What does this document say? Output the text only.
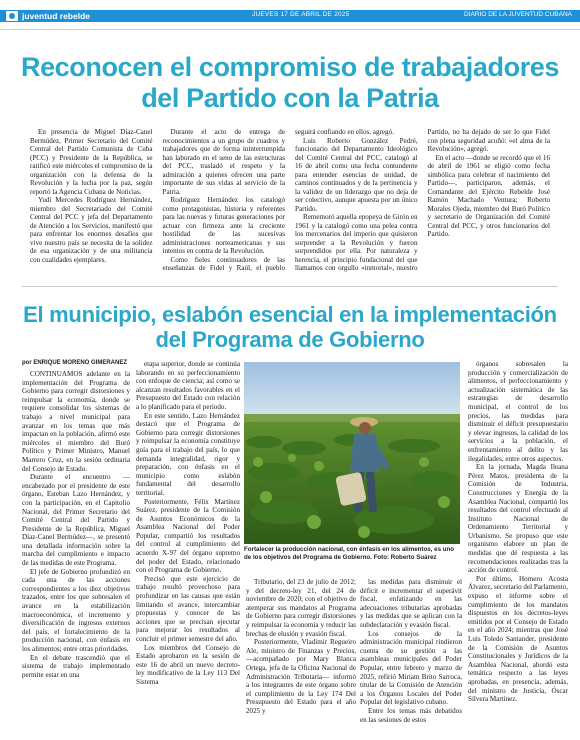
juventud rebelde	JUEVES 17 DE ABRIL DE 2025	DIARIO DE LA JUVENTUD CUBANA
Reconocen el compromiso de trabajadores del Partido con la Patria

En presencia de Miguel Díaz-Canel Bermúdez, Primer Secretario del Comité Central del Partido Comunista de Cuba (PCC) y Presidente de la República, se ratificó este miércoles el compromiso de la organización con la defensa de la Revolución y la lucha por la paz, según reportó la Agencia Cubana de Noticias.

Yudí Mercedes Rodríguez Hernández, miembro del Secretariado del Comité Central del PCC y jefa del Departamento de Atención a los Servicios, manifestó que para enfrentar los enormes desafíos que vive nuestro país se necesita de la solidez de esa organización y de una militancia con cualidades ejemplares.

Durante el acto de entrega de reconocimientos a un grupo de cuadros y trabajadores que de forma ininterrumpida han laborado en el seno de las estructuras del PCC, trasladó el respeto y la admiración a quienes ofrecen una parte importante de sus vidas al servicio de la Patria.

Rodríguez Hernández los catalogó como protagonistas, historia y referentes para las nuevas y futuras generaciones por actuar con firmeza ante la creciente hostilidad de las sucesivas administraciones norteamericanas y sus intentos en contra de la Revolución.

Como fieles continuadores de las enseñanzas de Fidel y Raúl, el pueblo seguirá confiando en ellos, agregó.

Luis Roberto González Pedré, funcionario del Departamento Ideológico del Comité Central del PCC, catalogó al 16 de abril como una fecha contundente para entender esencias de unidad, de caminos continuados y de la pertinencia y la validez de un liderazgo que no deja de ser colectivo, aunque apuesta por un único Partido.

Rememoró aquella epopeya de Girón en 1961 y la catalogó como una pelea contra los mercenarios del imperio que quisieron sorprender a la Revolución y fueron sorprendidos por ella. Por naturaleza y herencia, el principio fundacional del que llamamos con orgullo «inmortal», nuestro Partido, no ha dejado de ser lo que Fidel con plena seguridad acuñó: «el alma de la Revolución», agregó.

En el acto —donde se recordó que el 16 de abril de 1961 se eligió como fecha simbólica para celebrar el nacimiento del Partido—, participaron, además, el Comandante del Ejército Rebelde José Ramón Machado Ventura; Roberto Morales Ojeda, miembro del Buró Político y secretario de Organización del Comité Central del PCC, y otros funcionarios del Partido.

El municipio, eslabón esencial en la implementación del Programa de Gobierno
por ENRIQUE MORENO GIMERANEZ

CONTINUAMOS adelante en la implementación del Programa de Gobierno para corregir distorsiones y reimpulsar la economía, donde se requiere consolidar los sistemas de trabajo a nivel municipal para avanzar en los temas que más impactan en la población, afirmó este miércoles el miembro del Buró Político y Primer Ministro, Manuel Marrero Cruz, en la sesión ordinaria del Consejo de Estado.

Durante el encuentro —encabezado por el presidente de este órgano, Esteban Lazo Hernández, y con la participación, en el Capitolio Nacional, del Primer Secretario del Comité Central del Partido y Presidente de la República, Miguel Díaz-Canel Bermúdez—, se presentó una detallada información sobre la marcha del cumplimiento e impacto de las medidas de este Programa.

El jefe de Gobierno profundizó en cada una de las acciones correspondientes a los diez objetivos trazados, entre los que sobresalen el avance en la estabilización macroeconómica, el incremento y diversificación de ingresos externos del país, el fortalecimiento de la producción nacional, con énfasis en los alimentos; entre otras prioridades.

En el debate trascendió que el sistema de trabajo implementado permite estar en una

etapa superior, donde se continúa laborando en su perfeccionamiento con enfoque de ciencia; así como se alcanzan resultados favorables en el Presupuesto del Estado con relación a lo planificado para el período.

En este sentido, Lazo Hernández destacó que el Programa de Gobierno para corregir distorsiones y reimpulsar la economía constituye guía para el trabajo del país, lo que demanda integralidad, rigor y preparación, con énfasis en el municipio como eslabón fundamental del desarrollo territorial.

Posteriormente, Félix Martínez Suárez, presidente de la Comisión de Asuntos Económicos de la Asamblea Nacional del Poder Popular, compartió los resultados del control al cumplimiento del acuerdo X-97 del órgano supremo del poder del Estado, relacionado con el Programa de Gobierno.

Precisó que este ejercicio de trabajo resultó provechoso para profundizar en las causas que están limitando el avance, intercambiar propuestas y conocer de las acciones que se precisan ejecutar para mejorar los resultados al concluir el primer semestre del año.

Los miembros del Consejo de Estado aprobaron en la sesión de este 16 de abril un nuevo decreto-ley modificativo de la Ley 113 Del Sistema

Fortalecer la producción nacional, con énfasis en los alimentos, es uno de los objetivos del Programa de Gobierno. Foto: Roberto Suárez

Tributario, del 23 de julio de 2012; y del decreto-ley 21, del 24 de noviembre de 2020; con el objetivo de atemperar sus mandatos al Programa de Gobierno para corregir distorsiones y reimpulsar la economía y reducir las brechas de elusión y evasión fiscal.

Posteriormente, Vladimir Regueiro Ale, ministro de Finanzas y Precios, —acompañado por Mary Blanca Ortega, jefa de la Oficina Nacional de Administración Tributaria— informó a los integrantes de este órgano sobre el cumplimiento de la Ley 174 Del Presupuesto del Estado para el año 2025 y

las medidas para disminuir el déficit e incrementar el superávit fiscal, enfatizando en las adecuaciones tributarias aprobadas y las medidas que se aplican con la subdeclaración y evasión fiscal.

Los consejos de la administración municipal rindieron cuenta de su gestión a las asambleas municipales del Poder Popular, entre febrero y marzo de 2025, refirió Miriam Brito Sarroca, titular de la Comisión de Atención a los Órganos Locales del Poder Popular del legislativo cubano.

Entre los temas más debatidos en las sesiones de estos

órganos sobresalen la producción y comercialización de alimentos, el perfeccionamiento y actualización sistemática de las estrategias de desarrollo municipal, el control de los precios, las medidas para disminuir el déficit presupuestario y elevar ingresos, la calidad de los servicios a la población, el enfrentamiento al delito y las ilegalidades, entre otros aspectos.

En la jornada, Magda Ileana Pérez Matos, presidenta de la Comisión de Industria, Construcciones y Energía de la Asamblea Nacional, compartió los resultados del control efectuado al Instituto Nacional de Ordenamiento Territorial y Urbanismo. Se propuso que este organismo elabore un plan de medidas que dé respuesta a las recomendaciones realizadas tras la acción de control.

Por último, Homero Acosta Álvarez, secretario del Parlamento, expuso el informe sobre el cumplimiento de los mandatos dispuestos en los decretos-leyes emitidos por el Consejo de Estado en el año 2024; mientras que José Luis Toledo Santander, presidente de la Comisión de Asuntos Constitucionales y Jurídicos de la Asamblea Nacional, abordó esta temática respecto a las leyes aprobadas, en presencia, además, del ministro de Justicia, Óscar Silvera Martínez.
